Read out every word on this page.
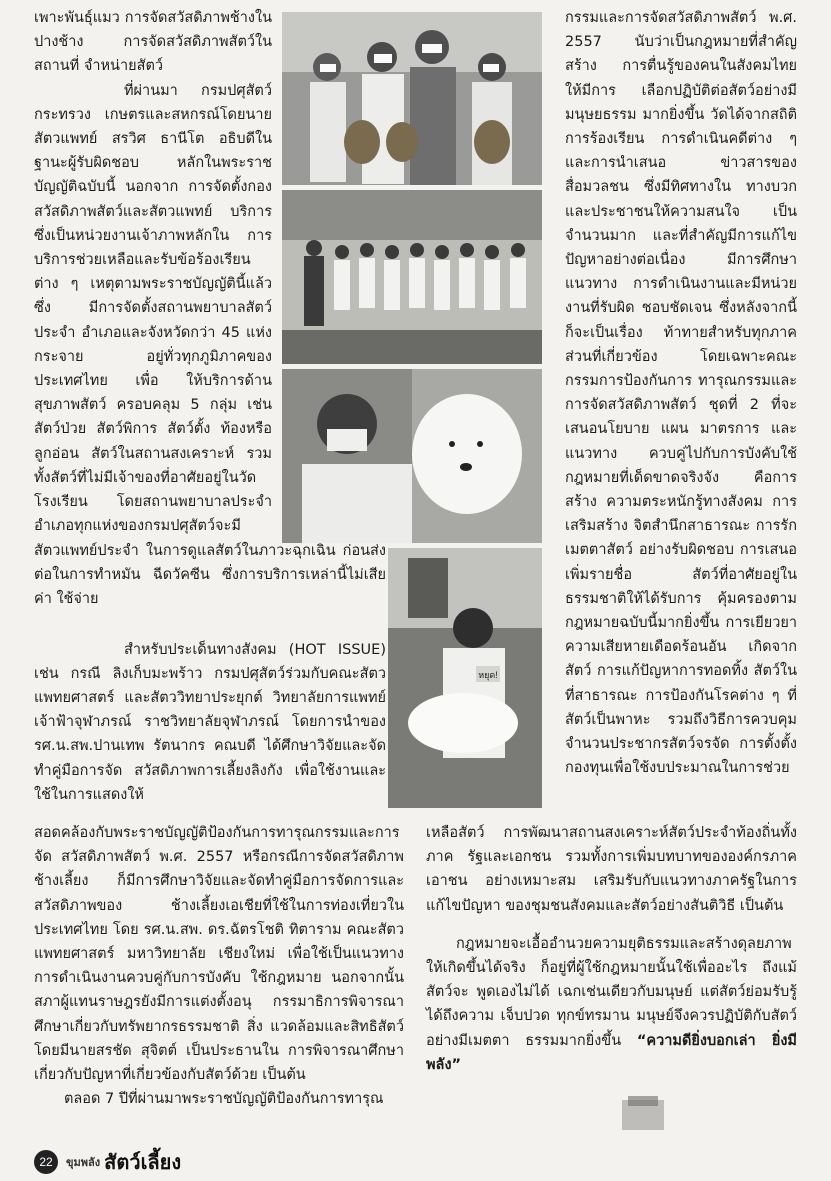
เพาะพันธุ์แมว การจัดสวัสดิภาพช้างใน ปางช้าง การจัดสวัสดิภาพสัตว์ในสถานที่ จำหน่ายสัตว์

ที่ผ่านมา กรมปศุสัตว์ กระทรวง เกษตรและสหกรณ์โดยนายสัตวแพทย์ สรวิศ ธานีโต อธิบดีในฐานะผู้รับผิดชอบ หลักในพระราชบัญญัติฉบับนี้ นอกจาก การจัดตั้งกองสวัสดิภาพสัตว์และสัตวแพทย์ บริการ ซึ่งเป็นหน่วยงานเจ้าภาพหลักใน การบริการช่วยเหลือและรับข้อร้องเรียน ต่าง ๆ เหตุตามพระราชบัญญัตินี้แล้ว ซึ่ง มีการจัดตั้งสถานพยาบาลสัตว์ ประจำ อำเภอและจังหวัดกว่า 45 แห่ง กระจาย อยู่ทั่วทุกภูมิภาคของประเทศไทย เพื่อ ให้บริการด้านสุขภาพสัตว์ ครอบคลุม 5 กลุ่ม เช่น สัตว์ป่วย สัตว์พิการ สัตว์ตั้ง ท้องหรือลูกอ่อน สัตว์ในสถานสงเคราะห์ รวมทั้งสัตว์ที่ไม่มีเจ้าของที่อาศัยอยู่ในวัด โรงเรียน โดยสถานพยาบาลประจำ อำเภอทุกแห่งของกรมปศุสัตว์จะมี

สัตวแพทย์ประจำ ในการดูแลสัตว์ในภาวะฉุกเฉิน ก่อนส่ง ต่อในการทำหมัน ฉีดวัคซีน ซึ่งการบริการเหล่านี้ไม่เสียค่า ใช้จ่าย

สำหรับประเด็นทางสังคม (HOT ISSUE) เช่น กรณี ลิงเก็บมะพร้าว กรมปศุสัตว์ร่วมกับคณะสัตวแพทยศาสตร์ และสัตววิทยาประยุกต์ วิทยาลัยการแพทย์เจ้าฟ้าจุฬาภรณ์ ราชวิทยาลัยจุฬาภรณ์ โดยการนำของ รศ.น.สพ.ปานเทพ รัตนากร คณบดี ได้ศึกษาวิจัยและจัดทำคู่มือการจัด สวัสดิภาพการเลี้ยงลิงกัง เพื่อใช้งานและใช้ในการแสดงให้

สอดคล้องกับพระราชบัญญัติป้องกันการทารุณกรรมและการจัด สวัสดิภาพสัตว์ พ.ศ. 2557 หรือกรณีการจัดสวัสดิภาพช้างเลี้ยง ก็มีการศึกษาวิจัยและจัดทำคู่มือการจัดการและสวัสดิภาพของ ช้างเลี้ยงเอเชียที่ใช้ในการท่องเที่ยวในประเทศไทย โดย รศ.น.สพ. ดร.ฉัตรโชติ ทิตาราม คณะสัตวแพทยศาสตร์ มหาวิทยาลัย เชียงใหม่ เพื่อใช้เป็นแนวทางการดำเนินงานควบคู่กับการบังคับ ใช้กฎหมาย นอกจากนั้น สภาผู้แทนราษฎรยังมีการแต่งตั้งอนุ กรรมาธิการพิจารณาศึกษาเกี่ยวกับทรัพยากรธรรมชาติ สิ่ง แวดล้อมและสิทธิสัตว์ โดยมีนายสรชัด สุจิตต์ เป็นประธานใน การพิจารณาศึกษาเกี่ยวกับปัญหาที่เกี่ยวข้องกับสัตว์ด้วย เป็นต้น

ตลอด 7 ปีที่ผ่านมาพระราชบัญญัติป้องกันการทารุณ

กรรมและการจัดสวัสดิภาพสัตว์ พ.ศ. 2557 นับว่าเป็นกฎหมายที่สำคัญ สร้าง การตื่นรู้ของคนในสังคมไทย ให้มีการ เลือกปฏิบัติต่อสัตว์อย่างมีมนุษยธรรม มากยิ่งขึ้น วัดได้จากสถิติการร้องเรียน การดำเนินคดีต่าง ๆ และการนำเสนอ ข่าวสารของสื่อมวลชน ซึ่งมีทิศทางใน ทางบวกและประชาชนให้ความสนใจ เป็นจำนวนมาก และที่สำคัญมีการแก้ไข ปัญหาอย่างต่อเนื่อง มีการศึกษาแนวทาง การดำเนินงานและมีหน่วยงานที่รับผิด ชอบชัดเจน ซึ่งหลังจากนี้ก็จะเป็นเรื่อง ท้าทายสำหรับทุกภาคส่วนที่เกี่ยวข้อง โดยเฉพาะคณะกรรมการป้องกันการ ทารุณกรรมและการจัดสวัสดิภาพสัตว์ ชุดที่ 2 ที่จะเสนอนโยบาย แผน มาตรการ และแนวทาง ควบคู่ไปกับการบังคับใช้ กฎหมายที่เด็ดขาดจริงจัง คือการสร้าง ความตระหนักรู้ทางสังคม การเสริมสร้าง จิตสำนึกสาธารณะ การรักเมตตาสัตว์ อย่างรับผิดชอบ การเสนอเพิ่มรายชื่อ สัตว์ที่อาศัยอยู่ในธรรมชาติให้ได้รับการ คุ้มครองตามกฎหมายฉบับนี้มากยิ่งขึ้น การเยียวยาความเสียหายเดือดร้อนอัน เกิดจากสัตว์ การแก้ปัญหาการทอดทิ้ง สัตว์ในที่สาธารณะ การป้องกันโรคต่าง ๆ ที่สัตว์เป็นพาหะ รวมถึงวิธีการควบคุม จำนวนประชากรสัตว์จรจัด การตั้งตั้ง กองทุนเพื่อใช้งบประมาณในการช่วย

เหลือสัตว์ การพัฒนาสถานสงเคราะห์สัตว์ประจำท้องถิ่นทั้งภาค รัฐและเอกชน รวมทั้งการเพิ่มบทบาทขององค์กรภาคเอาชน อย่างเหมาะสม เสริมรับกับแนวทางภาครัฐในการแก้ไขปัญหา ของชุมชนสังคมและสัตว์อย่างสันติวิธี เป็นต้น

กฎหมายจะเอื้ออำนวยความยุติธรรมและสร้างดุลยภาพ ให้เกิดขึ้นได้จริง ก็อยู่ที่ผู้ใช้กฎหมายนั้นใช้เพื่ออะไร ถึงแม้สัตว์จะ พูดเองไม่ได้ เฉกเช่นเดียวกับมนุษย์ แต่สัตว์ย่อมรับรู้ได้ถึงความ เจ็บปวด ทุกข์ทรมาน มนุษย์จึงควรปฏิบัติกับสัตว์อย่างมีเมตตา ธรรมมากยิ่งขึ้น “ความดียิ่งบอกเล่า ยิ่งมีพลัง”

หยุด!
22 ขุมพลัง สัตว์เลี้ยง
